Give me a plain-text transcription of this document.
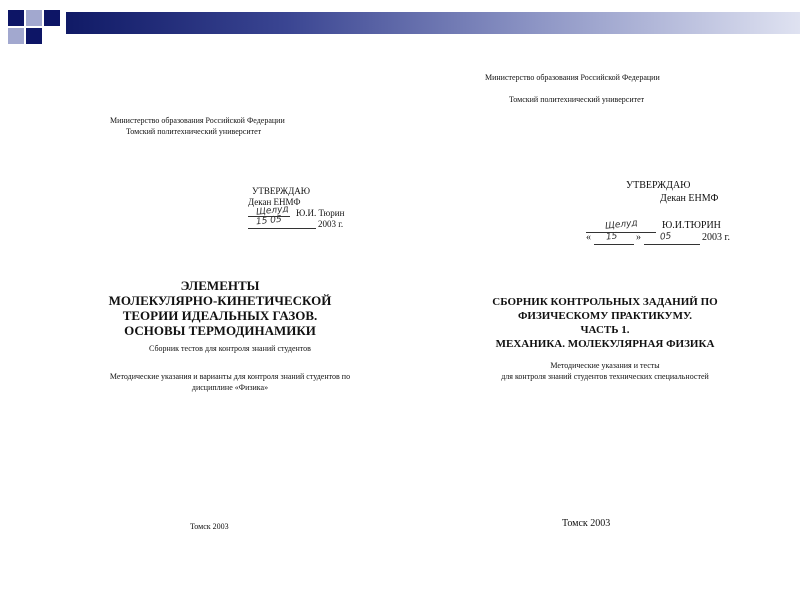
Министерство образования Российской Федерации
Томский политехнический университет
УТВЕРЖДАЮ
Декан ЕНМФ
Щелуд Ю.И. Тюрин
15 05	2003 г.
ЭЛЕМЕНТЫ
МОЛЕКУЛЯРНО-КИНЕТИЧЕСКОЙ
ТЕОРИИ ИДЕАЛЬНЫХ ГАЗОВ.
ОСНОВЫ ТЕРМОДИНАМИКИ
Сборник тестов для контроля знаний студентов
Методические указания и варианты для контроля знаний студентов по
дисциплине «Физика»
Томск 2003
Министерство образования Российской Федерации
Томский политехнический университет
УТВЕРЖДАЮ
Декан ЕНМФ
Щелуд Ю.И.ТЮРИН
« 15 » 05	2003 г.
СБОРНИК КОНТРОЛЬНЫХ ЗАДАНИЙ ПО
ФИЗИЧЕСКОМУ ПРАКТИКУМУ.
ЧАСТЬ 1.
МЕХАНИКА. МОЛЕКУЛЯРНАЯ ФИЗИКА
Методические указания и тесты
для контроля знаний студентов технических специальностей
Томск 2003
